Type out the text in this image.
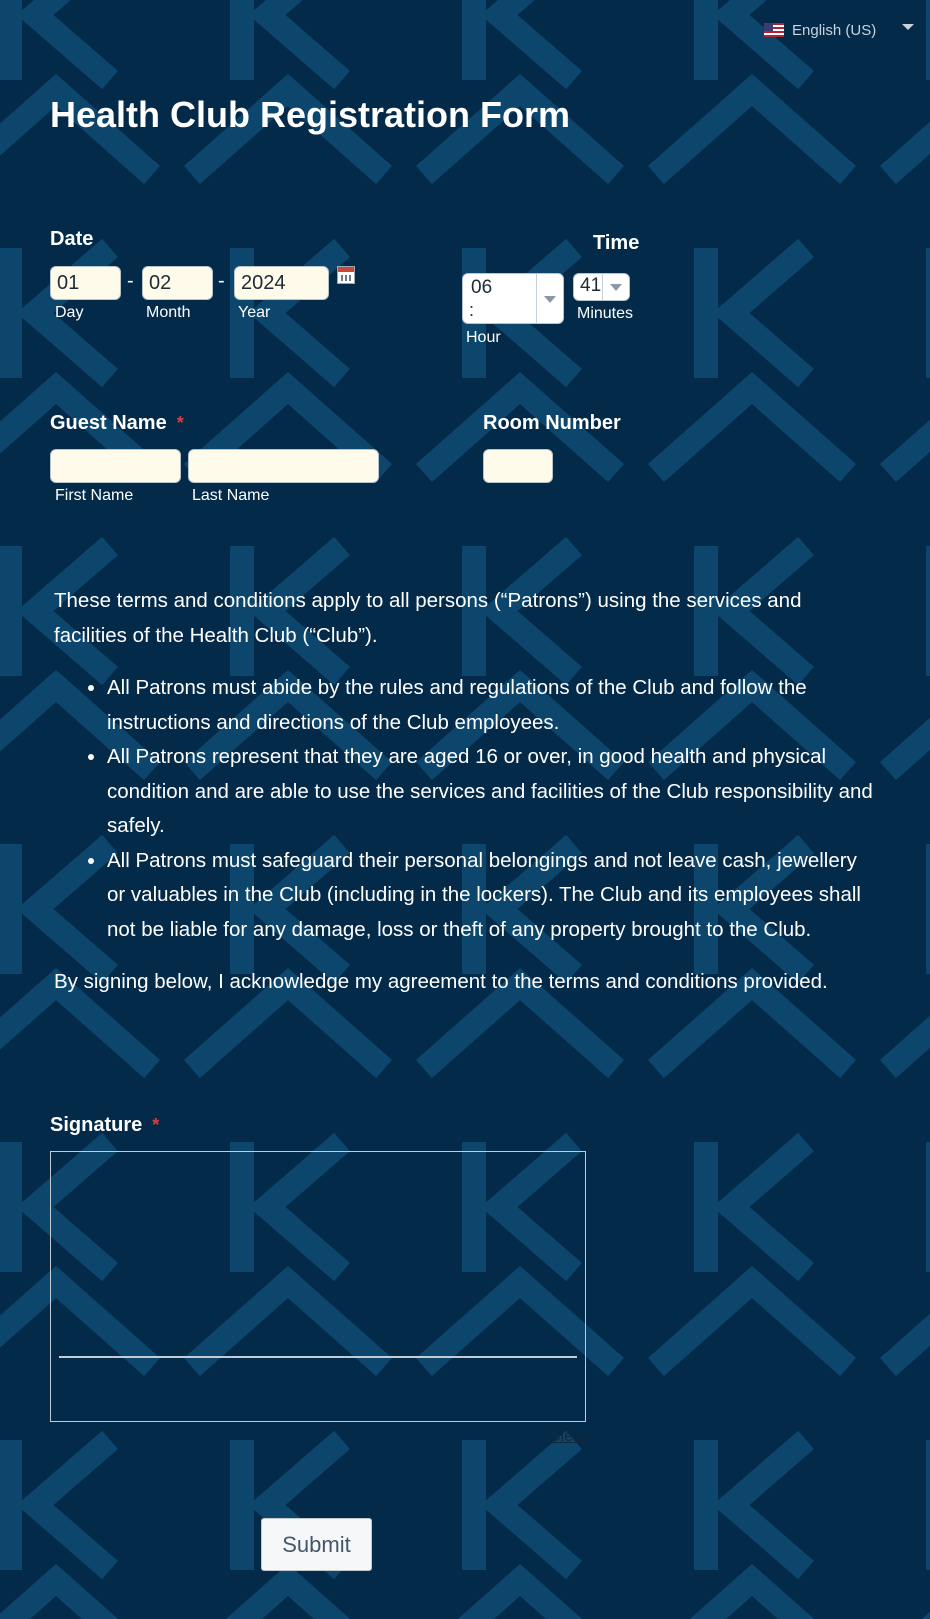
English (US)
Health Club Registration Form
Date
01
-
02	-
2024
Day	Month	Year
Time
06
:
41
Hour
Minutes
Guest Name *
First Name	Last Name
Room Number

These terms and conditions apply to all persons (“Patrons”) using the services and facilities of the Health Club (“Club”).

• All Patrons must abide by the rules and regulations of the Club and follow the instructions and directions of the Club employees.
• All Patrons represent that they are aged 16 or over, in good health and physical condition and are able to use the services and facilities of the Club responsibility and safely.
• All Patrons must safeguard their personal belongings and not leave cash, jewellery or valuables in the Club (including in the lockers). The Club and its employees shall not be liable for any damage, loss or theft of any property brought to the Club.

By signing below, I acknowledge my agreement to the terms and conditions provided.

Signature *
Clear
Submit
